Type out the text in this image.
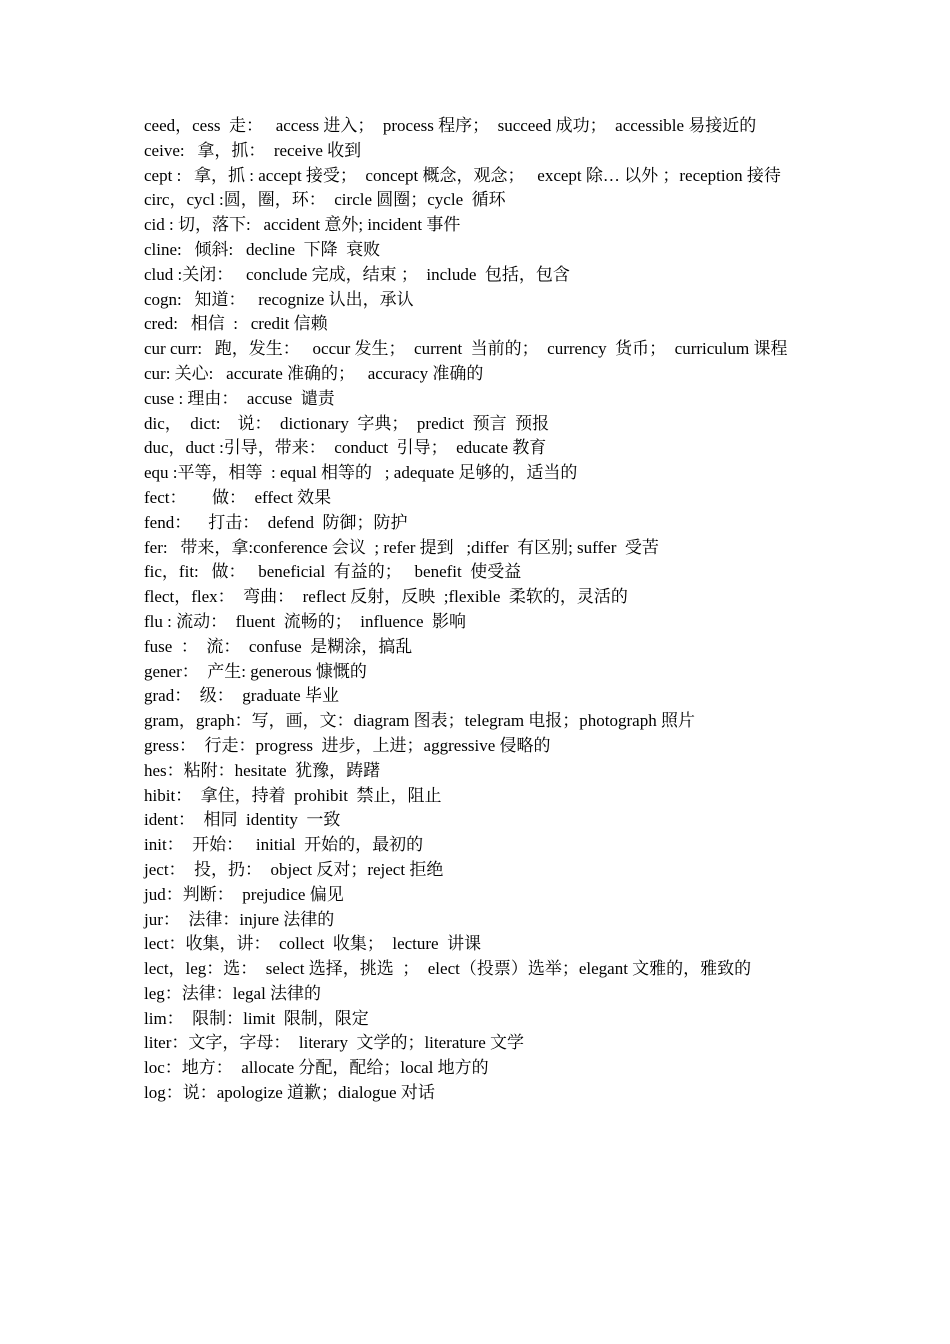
ceed，cess  走：   access 进入；  process 程序；  succeed 成功；  accessible 易接近的

ceive:   拿，抓：  receive 收到

cept :   拿，抓 : accept 接受；  concept 概念，观念；   except 除… 以外 ；reception 接待

circ，cycl :圆，圈，环：  circle 圆圈；cycle  循环

cid : 切，落下:   accident 意外; incident 事件

cline:   倾斜:   decline  下降  衰败

clud :关闭：   conclude 完成，结束 ；  include  包括，包含

cogn:   知道：   recognize 认出，承认

cred:   相信  :   credit 信赖

cur curr:   跑，发生：   occur 发生；  current  当前的；  currency  货币；  curriculum 课程

cur: 关心:   accurate 准确的；   accuracy 准确的

cuse : 理由：  accuse  谴责

dic，  dict:    说：  dictionary  字典；  predict  预言  预报

duc，duct :引导，带来：  conduct  引导；  educate 教育

equ :平等，相等  : equal 相等的   ; adequate 足够的，适当的

fect：      做：  effect 效果

fend：    打击：  defend  防御；防护

fer:   带来，拿:conference 会议  ; refer 提到   ;differ  有区别; suffer  受苦

fic，fit:   做：   beneficial  有益的；   benefit  使受益

flect，flex：  弯曲：  reflect 反射，反映  ;flexible  柔软的，灵活的

flu : 流动：  fluent  流畅的；  influence  影响

fuse  ：  流：  confuse  是糊涂，搞乱

gener：  产生: generous 慷慨的

grad：  级：  graduate 毕业

gram，graph：写，画，文：diagram 图表；telegram 电报；photograph 照片

gress：  行走：progress  进步，上进；aggressive 侵略的

hes：粘附：hesitate  犹豫，踌躇

hibit：  拿住，持着  prohibit  禁止，阻止

ident：  相同  identity  一致

init：  开始：   initial  开始的，最初的

ject：  投，扔：  object 反对；reject 拒绝

jud：判断：  prejudice 偏见

jur：  法律：injure 法律的

lect：收集，讲：  collect  收集；  lecture  讲课

lect，leg：选：  select 选择，挑选  ；  elect（投票）选举；elegant 文雅的，雅致的

leg：法律：legal 法律的

lim：  限制：limit  限制，限定

liter：文字，字母：  literary  文学的；literature 文学

loc：地方：  allocate 分配，配给；local 地方的

log：说：apologize 道歉；dialogue 对话
